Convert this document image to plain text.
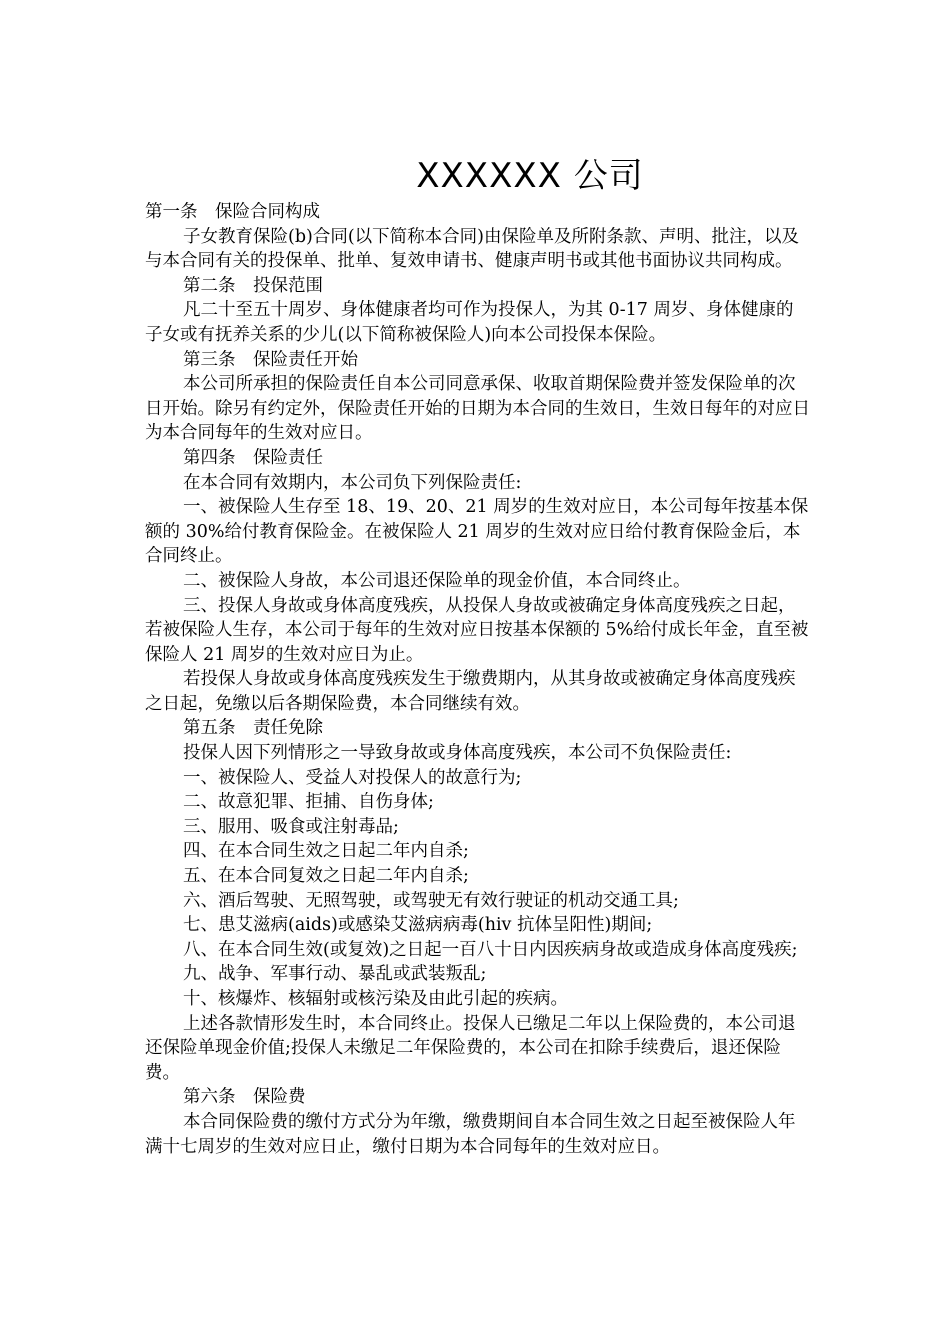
XXXXXX 公司

第一条　保险合同构成

子女教育保险(b)合同(以下简称本合同)由保险单及所附条款、声明、批注，以及与本合同有关的投保单、批单、复效申请书、健康声明书或其他书面协议共同构成。

第二条　投保范围

凡二十至五十周岁、身体健康者均可作为投保人，为其 0-17 周岁、身体健康的子女或有抚养关系的少儿(以下简称被保险人)向本公司投保本保险。

第三条　保险责任开始

本公司所承担的保险责任自本公司同意承保、收取首期保险费并签发保险单的次日开始。除另有约定外，保险责任开始的日期为本合同的生效日，生效日每年的对应日为本合同每年的生效对应日。

第四条　保险责任

在本合同有效期内，本公司负下列保险责任:

一、被保险人生存至 18、19、20、21 周岁的生效对应日，本公司每年按基本保额的 30%给付教育保险金。在被保险人 21 周岁的生效对应日给付教育保险金后，本合同终止。

二、被保险人身故，本公司退还保险单的现金价值，本合同终止。

三、投保人身故或身体高度残疾，从投保人身故或被确定身体高度残疾之日起，若被保险人生存，本公司于每年的生效对应日按基本保额的 5%给付成长年金，直至被保险人 21 周岁的生效对应日为止。

若投保人身故或身体高度残疾发生于缴费期内，从其身故或被确定身体高度残疾之日起，免缴以后各期保险费，本合同继续有效。

第五条　责任免除

投保人因下列情形之一导致身故或身体高度残疾，本公司不负保险责任:

一、被保险人、受益人对投保人的故意行为;

二、故意犯罪、拒捕、自伤身体;

三、服用、吸食或注射毒品;

四、在本合同生效之日起二年内自杀;

五、在本合同复效之日起二年内自杀;

六、酒后驾驶、无照驾驶，或驾驶无有效行驶证的机动交通工具;

七、患艾滋病(aids)或感染艾滋病病毒(hiv 抗体呈阳性)期间;

八、在本合同生效(或复效)之日起一百八十日内因疾病身故或造成身体高度残疾;

九、战争、军事行动、暴乱或武装叛乱;

十、核爆炸、核辐射或核污染及由此引起的疾病。

上述各款情形发生时，本合同终止。投保人已缴足二年以上保险费的，本公司退还保险单现金价值;投保人未缴足二年保险费的，本公司在扣除手续费后，退还保险费。

第六条　保险费

本合同保险费的缴付方式分为年缴，缴费期间自本合同生效之日起至被保险人年满十七周岁的生效对应日止，缴付日期为本合同每年的生效对应日。
